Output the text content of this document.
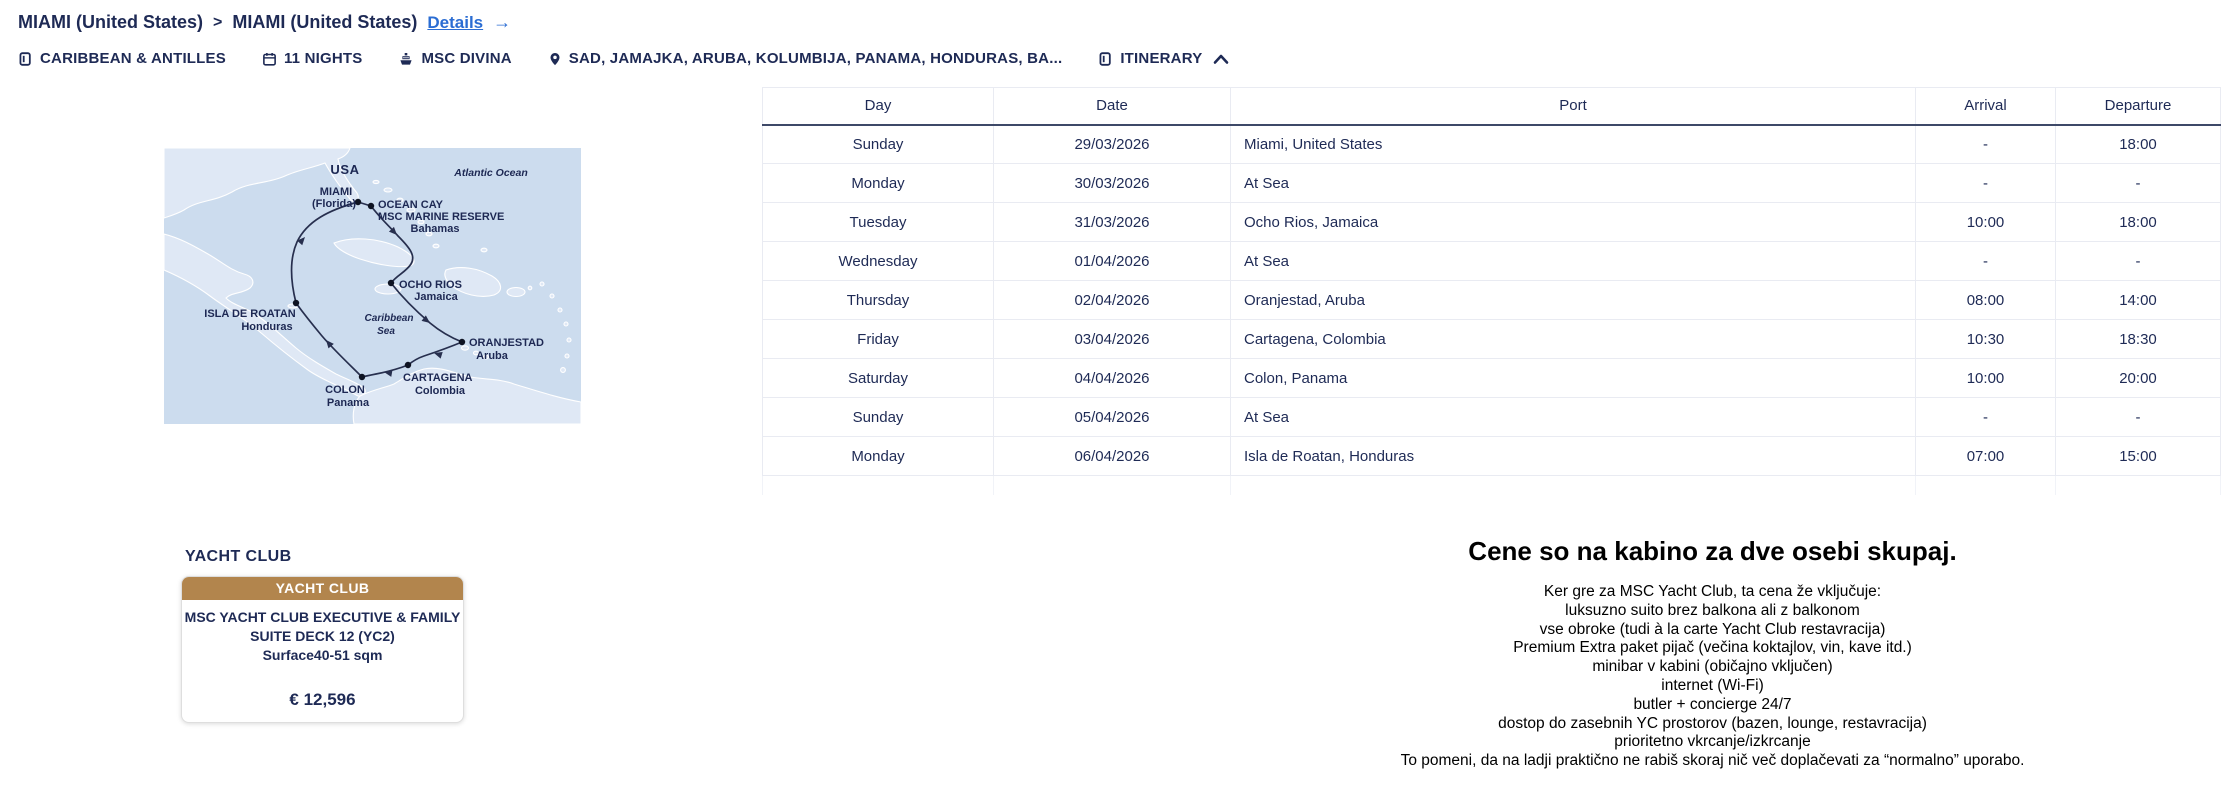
MIAMI (United States) > MIAMI (United States) Details →
CARIBBEAN & ANTILLES	11 NIGHTS	MSC DIVINA	SAD, JAMAJKA, ARUBA, KOLUMBIJA, PANAMA, HONDURAS, BA...	ITINERARY
USA	Atlantic Ocean
MIAMI
(Florida) OCEAN CAY
MSC MARINE RESERVE
Bahamas
OCHO RIOS
Jamaica
ISLA DE ROATAN
Honduras
Caribbean
Sea
ORANJESTAD
Aruba
CARTAGENA
Colombia
COLON
Panama
Day	Date	Port	Arrival	Departure
Sunday	29/03/2026	Miami, United States	-	18:00
Monday	30/03/2026	At Sea	-	-
Tuesday	31/03/2026	Ocho Rios, Jamaica	10:00	18:00
Wednesday	01/04/2026	At Sea	-	-
Thursday	02/04/2026	Oranjestad, Aruba	08:00	14:00
Friday	03/04/2026	Cartagena, Colombia	10:30	18:30
Saturday	04/04/2026	Colon, Panama	10:00	20:00
Sunday	05/04/2026	At Sea	-	-
Monday	06/04/2026	Isla de Roatan, Honduras	07:00	15:00

YACHT CLUB
YACHT CLUB
MSC YACHT CLUB EXECUTIVE & FAMILY
SUITE DECK 12 (YC2)
Surface40-51 sqm
€ 12,596
Cene so na kabino za dve osebi skupaj.
Ker gre za MSC Yacht Club, ta cena že vključuje:
luksuzno suito brez balkona ali z balkonom
vse obroke (tudi à la carte Yacht Club restavracija)
Premium Extra paket pijač (večina koktajlov, vin, kave itd.)
minibar v kabini (običajno vključen)
internet (Wi-Fi)
butler + concierge 24/7
dostop do zasebnih YC prostorov (bazen, lounge, restavracija)
prioritetno vkrcanje/izkrcanje
To pomeni, da na ladji praktično ne rabiš skoraj nič več doplačevati za “normalno” uporabo.
